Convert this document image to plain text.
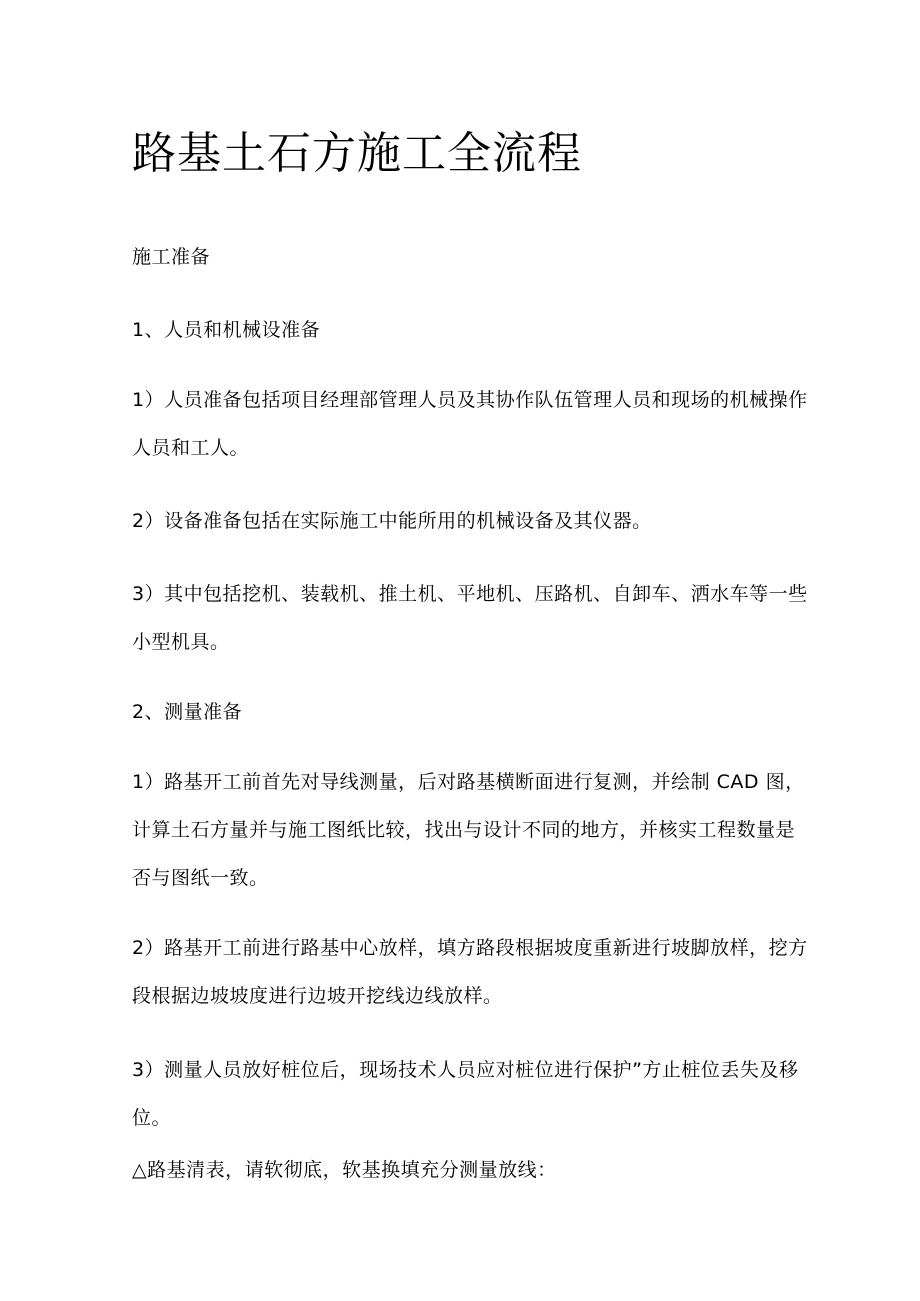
路基土石方施工全流程

施工准备

1、人员和机械设准备

1）人员准备包括项目经理部管理人员及其协作队伍管理人员和现场的机械操作人员和工人。

2）设备准备包括在实际施工中能所用的机械设备及其仪器。

3）其中包括挖机、装载机、推土机、平地机、压路机、自卸车、洒水车等一些小型机具。

2、测量准备

1）路基开工前首先对导线测量，后对路基横断面进行复测，并绘制 CAD 图，计算土石方量并与施工图纸比较，找出与设计不同的地方，并核实工程数量是否与图纸一致。

2）路基开工前进行路基中心放样，填方路段根据坡度重新进行坡脚放样，挖方段根据边坡坡度进行边坡开挖线边线放样。

3）测量人员放好桩位后，现场技术人员应对桩位进行保护”方止桩位丢失及移位。

△路基清表，请软彻底，软基换填充分测量放线：
